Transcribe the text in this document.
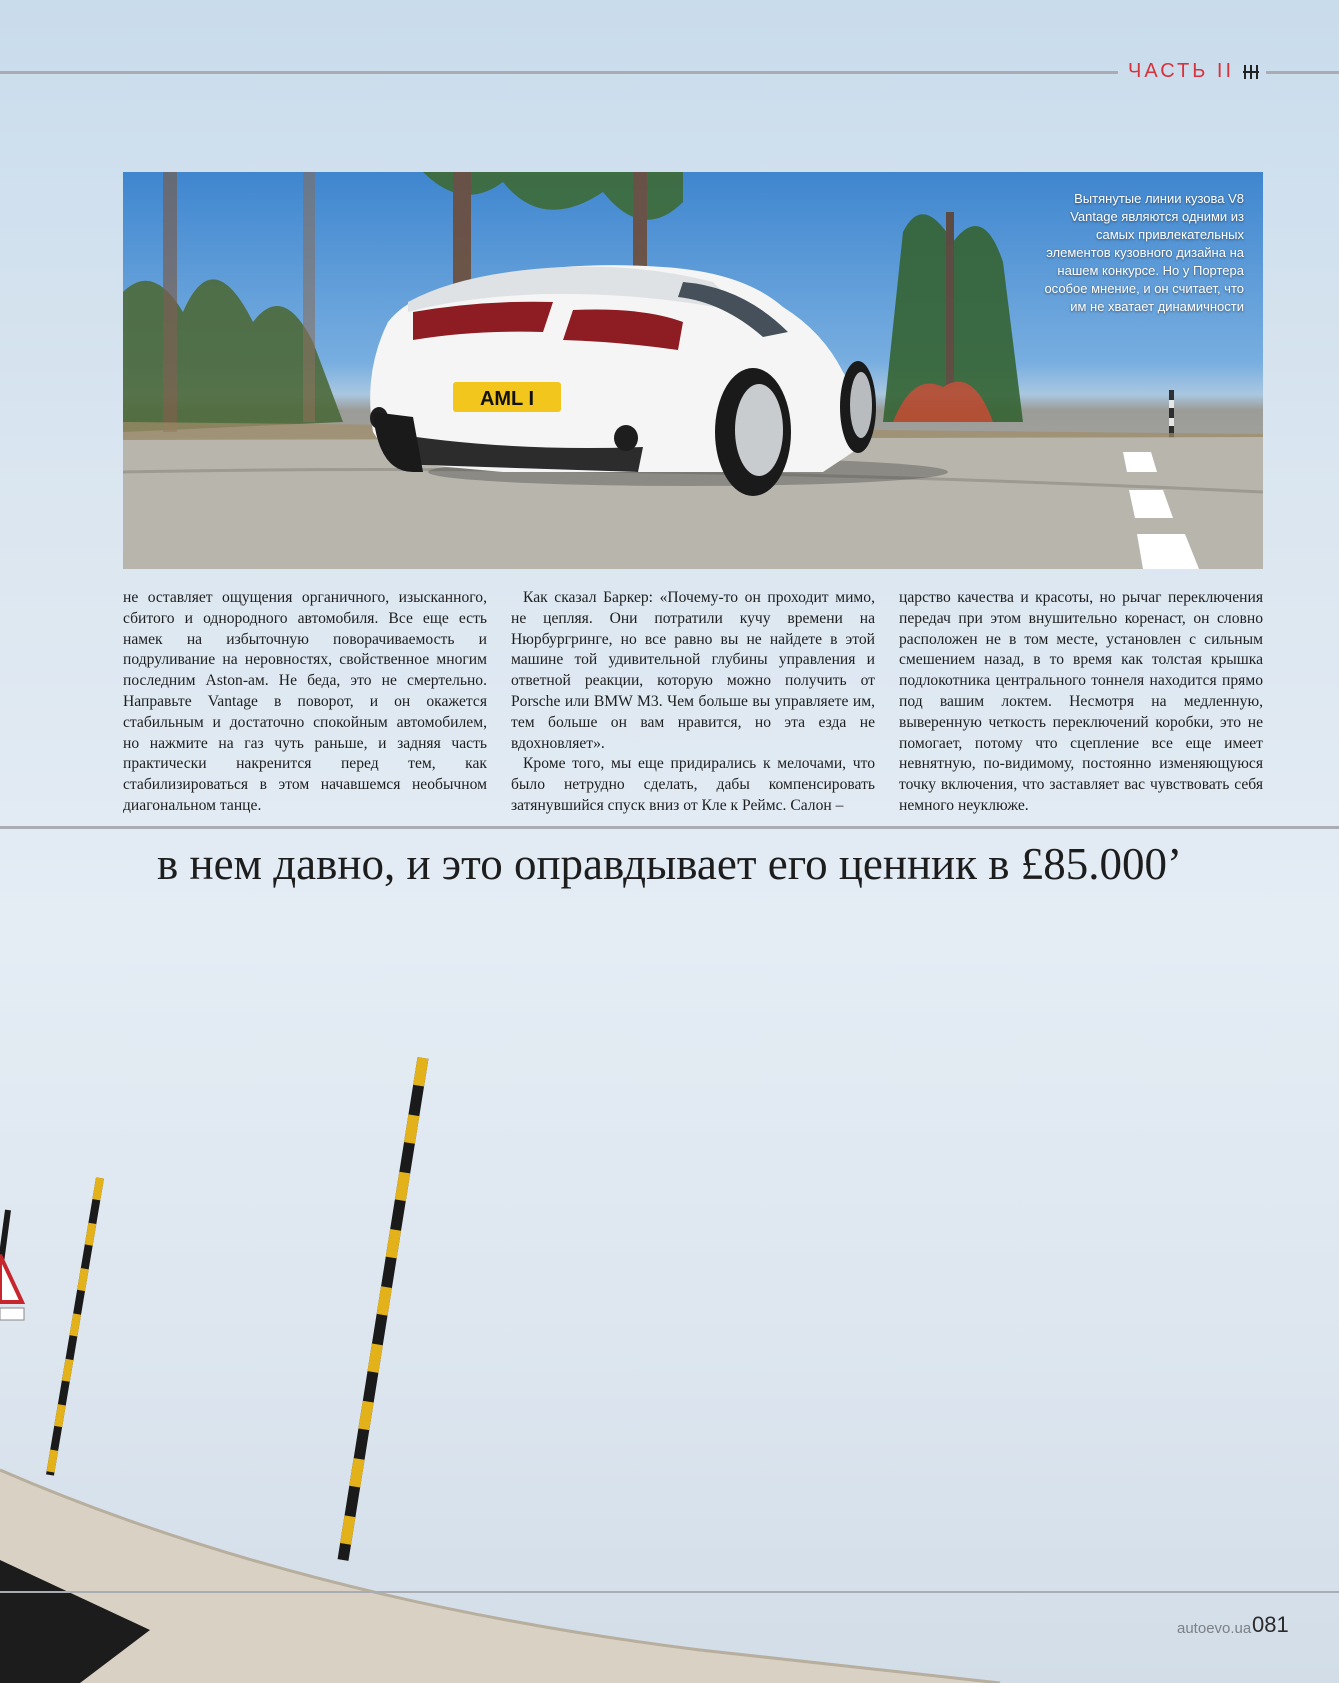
ЧАСТЬ II
AML I
Вытянутые линии кузова V8 Vantage являются одними из самых привлекательных элементов кузовного дизайна на нашем конкурсе. Но у Портера особое мнение, и он считает, что им не хватает динамичности

не оставляет ощущения органичного, изысканного, сбитого и однородного автомобиля. Все еще есть намек на избыточную поворачиваемость и подруливание на неровностях, свойственное многим последним Aston-ам. Не беда, это не смертельно. Направьте Vantage в поворот, и он окажется стабильным и достаточно спокойным автомобилем, но нажмите на газ чуть раньше, и задняя часть практически накренится перед тем, как стабилизироваться в этом начавшемся необычном диагональном танце.

Как сказал Баркер: «Почему-то он проходит мимо, не цепляя. Они потратили кучу времени на Нюрбургринге, но все равно вы не найдете в этой машине той удивительной глубины управления и ответной реакции, которую можно получить от Porsche или BMW M3. Чем больше вы управляете им, тем больше он вам нравится, но эта езда не вдохновляет».

Кроме того, мы еще придирались к мелочами, что было нетрудно сделать, дабы компенсировать затянувшийся спуск вниз от Кле к Реймс. Салон –

царство качества и красоты, но рычаг переключения передач при этом внушительно коренаст, он словно расположен не в том месте, установлен с сильным смешением назад, в то время как толстая крышка подлокотника центрального тоннеля находится прямо под вашим локтем. Несмотря на медленную, выверенную четкость переключений коробки, это не помогает, потому что сцепление все еще имеет невнятную, по-видимому, постоянно изменяющуюся точку включения, что заставляет вас чувствовать себя немного неуклюже.

в нем давно, и это оправдывает его ценник в £85.000’
autoevo.ua 081
